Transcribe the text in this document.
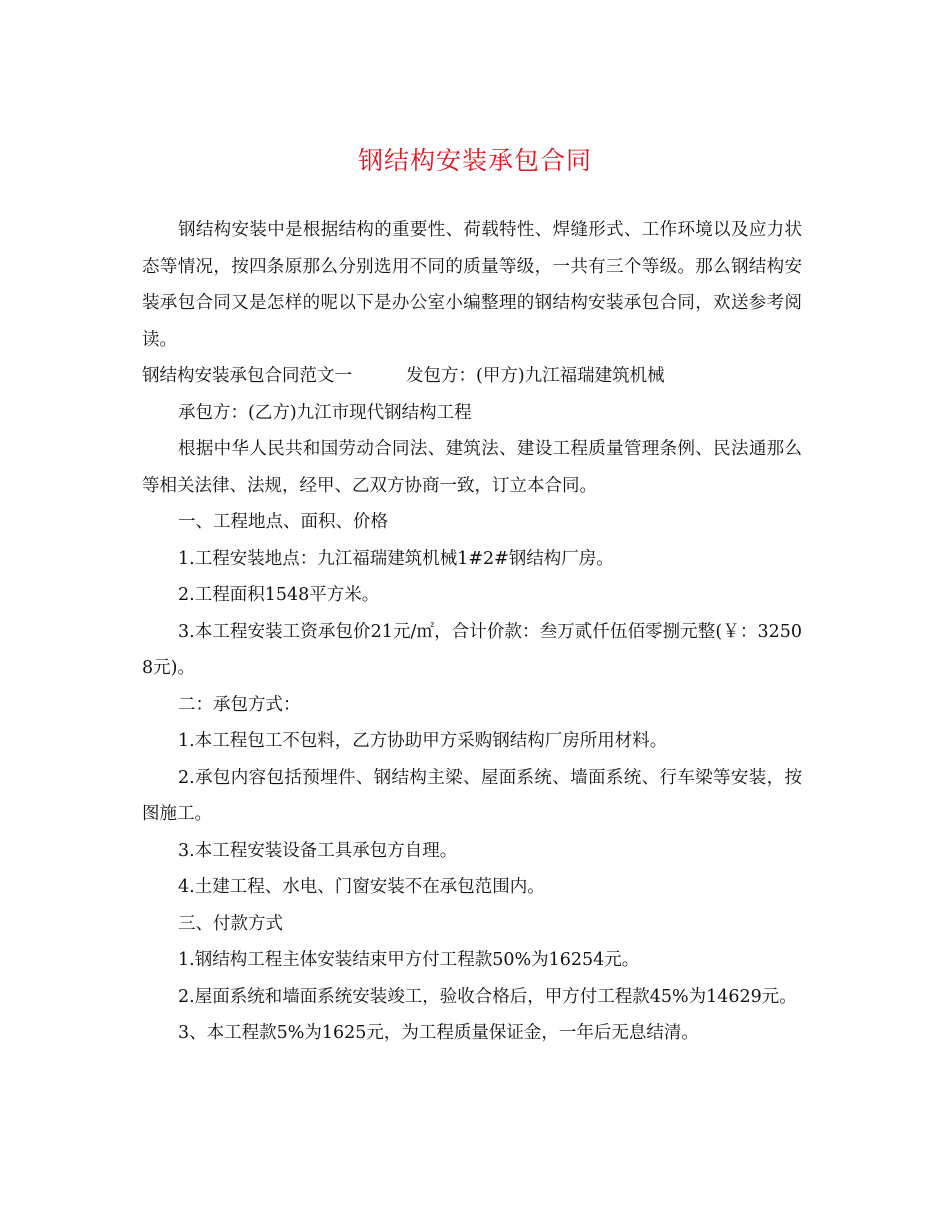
钢结构安装承包合同

钢结构安装中是根据结构的重要性、荷载特性、焊缝形式、工作环境以及应力状态等情况，按四条原那么分别选用不同的质量等级，一共有三个等级。那么钢结构安装承包合同又是怎样的呢以下是办公室小编整理的钢结构安装承包合同，欢送参考阅读。

钢结构安装承包合同范文一	发包方：(甲方)九江福瑞建筑机械

承包方：(乙方)九江市现代钢结构工程

根据中华人民共和国劳动合同法、建筑法、建设工程质量管理条例、民法通那么等相关法律、法规，经甲、乙双方协商一致，订立本合同。

一、工程地点、面积、价格

1.工程安装地点：九江福瑞建筑机械1#2#钢结构厂房。

2.工程面积1548平方米。

3.本工程安装工资承包价21元/㎡，合计价款：叁万贰仟伍佰零捌元整(￥：32508元)。

二：承包方式：

1.本工程包工不包料，乙方协助甲方采购钢结构厂房所用材料。

2.承包内容包括预埋件、钢结构主梁、屋面系统、墙面系统、行车梁等安装，按图施工。

3.本工程安装设备工具承包方自理。

4.土建工程、水电、门窗安装不在承包范围内。

三、付款方式

1.钢结构工程主体安装结束甲方付工程款50%为16254元。

2.屋面系统和墙面系统安装竣工，验收合格后，甲方付工程款45%为14629元。

3、本工程款5%为1625元，为工程质量保证金，一年后无息结清。
